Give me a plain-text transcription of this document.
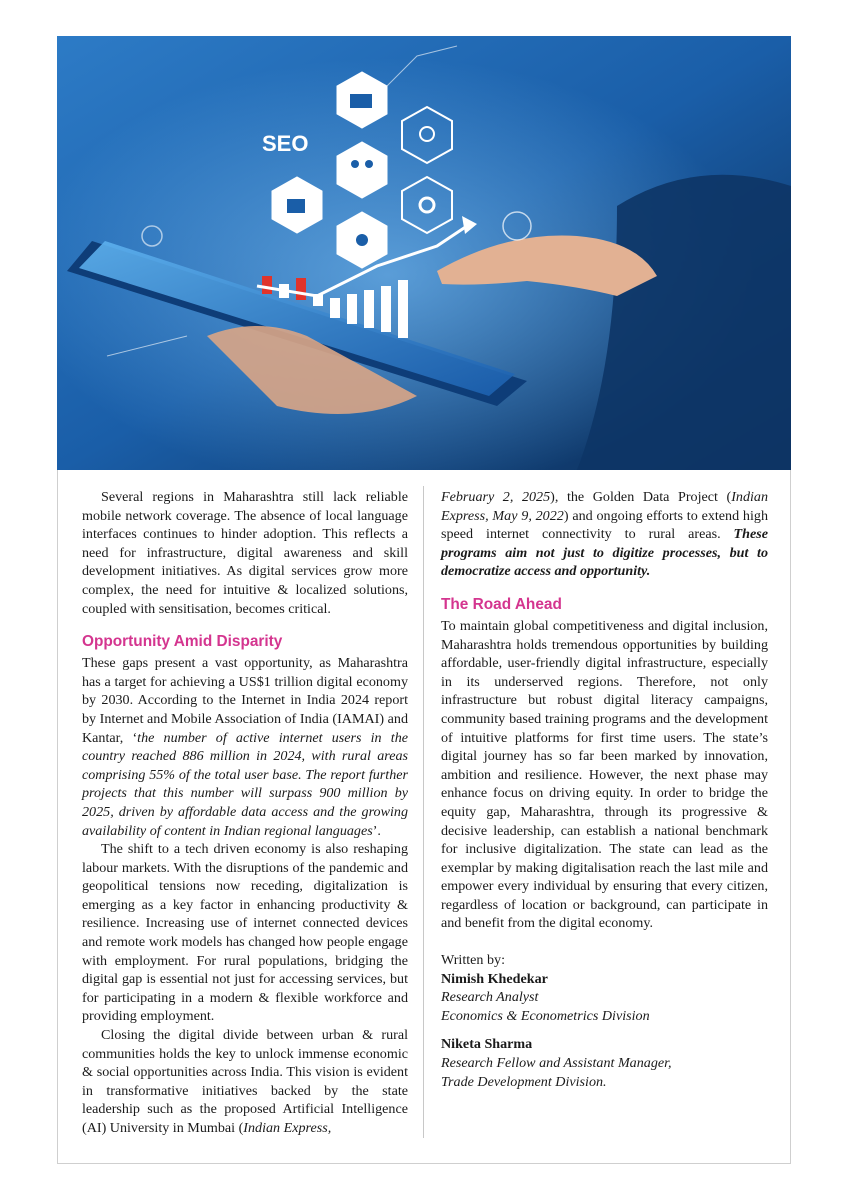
SEO

Several regions in Maharashtra still lack reliable mobile network coverage. The absence of local language interfaces continues to hinder adoption. This reflects a need for infrastructure, digital awareness and skill development initiatives. As digital services grow more complex, the need for intuitive & localized solutions, coupled with sensitisation, becomes critical.

Opportunity Amid Disparity

These gaps present a vast opportunity, as Maharashtra has a target for achieving a US$1 trillion digital economy by 2030. According to the Internet in India 2024 report by Internet and Mobile Association of India (IAMAI) and Kantar, ‘the number of active internet users in the country reached 886 million in 2024, with rural areas comprising 55% of the total user base. The report further projects that this number will surpass 900 million by 2025, driven by affordable data access and the growing availability of content in Indian regional languages’.

The shift to a tech driven economy is also reshaping labour markets. With the disruptions of the pandemic and geopolitical tensions now receding, digitalization is emerging as a key factor in enhancing productivity & resilience. Increasing use of internet connected devices and remote work models has changed how people engage with employment. For rural populations, bridging the digital gap is essential not just for accessing services, but for participating in a modern & flexible workforce and providing employment.

Closing the digital divide between urban & rural communities holds the key to unlock immense economic & social opportunities across India. This vision is evident in transformative initiatives backed by the state leadership such as the proposed Artificial Intelligence (AI) University in Mumbai (Indian Express,

February 2, 2025), the Golden Data Project (Indian Express, May 9, 2022) and ongoing efforts to extend high speed internet connectivity to rural areas. These programs aim not just to digitize processes, but to democratize access and opportunity.

The Road Ahead

To maintain global competitiveness and digital inclusion, Maharashtra holds tremendous opportunities by building affordable, user-friendly digital infrastructure, especially in its underserved regions. Therefore, not only infrastructure but robust digital literacy campaigns, community based training programs and the development of intuitive platforms for first time users. The state’s digital journey has so far been marked by innovation, ambition and resilience. However, the next phase may enhance focus on driving equity. In order to bridge the equity gap, Maharashtra, through its progressive & decisive leadership, can establish a national benchmark for inclusive digitalization. The state can lead as the exemplar by making digitalisation reach the last mile and empower every individual by ensuring that every citizen, regardless of location or background, can participate in and benefit from the digital economy.

Written by:
Nimish Khedekar
Research Analyst
Economics & Econometrics Division
Niketa Sharma
Research Fellow and Assistant Manager,
Trade Development Division.
